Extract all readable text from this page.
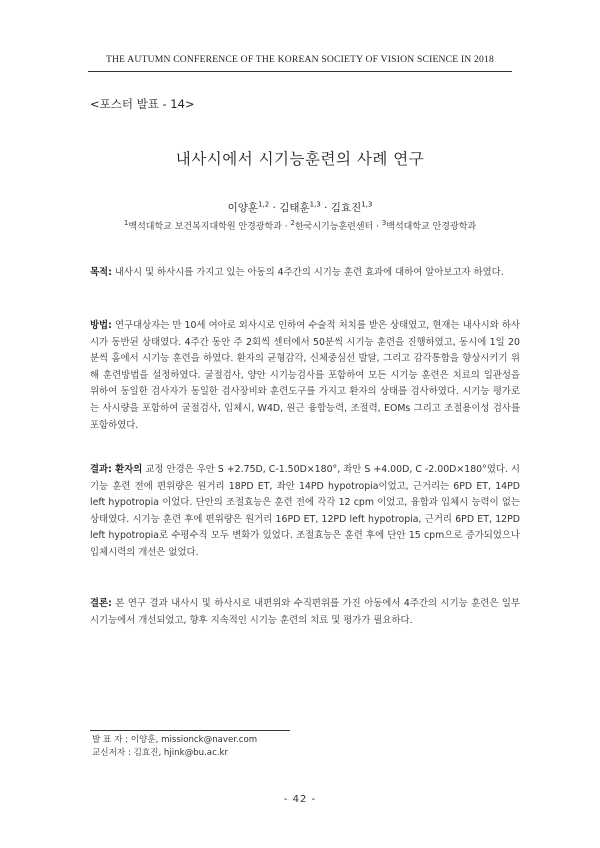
THE AUTUMN CONFERENCE OF THE KOREAN SOCIETY OF VISION SCIENCE IN 2018
<포스터 발표 - 14>
내사시에서 시기능훈련의 사례 연구
이양훈$^{1,2}$ · 김태훈$^{1,3}$ · 김효진$^{1,3}$
$^1$백석대학교 보건복지대학원 안경광학과 · $^2$한국시기능훈련센터 · $^3$백석대학교 안경광학과
목적: 내사시 및 하사시를 가지고 있는 아동의 4주간의 시기능 훈련 효과에 대하여 알아보고자 하였다.
방법: 연구대상자는 만 10세 여아로 외사시로 인하여 수술적 처치를 받은 상태였고, 현재는 내사시와 하사시가 동반된 상태였다. 4주간 동안 주 2회씩 센터에서 50분씩 시기능 훈련을 진행하였고, 동시에 1일 20분씩 홈에서 시기능 훈련을 하였다. 환자의 균형감각, 신체중심선 발달, 그리고 감각통합을 향상시키기 위해 훈련방법을 설정하였다. 굴절검사, 양안 시기능검사를 포함하여 모든 시기능 훈련은 치료의 일관성을 위하여 동일한 검사자가 동일한 검사장비와 훈련도구를 가지고 환자의 상태를 검사하였다. 시기능 평가로는 사시량을 포함하여 굴절검사, 입체시, W4D, 원근 융합능력, 조절력, EOMs 그리고 조절용이성 검사를 포함하였다.
결과: 환자의 교정 안경은 우안 S +2.75D, C-1.50D×180°, 좌안 S +4.00D, C -2.00D×180°였다. 시기능 훈련 전에 편위량은 원거리 18PD ET, 좌안 14PD hypotropia이었고, 근거리는 6PD ET, 14PD left hypotropia 이었다. 단안의 조절효능은 훈련 전에 각각 12 cpm 이었고, 융합과 입체시 능력이 없는 상태였다. 시기능 훈련 후에 편위량은 원거리 16PD ET, 12PD left hypotropia, 근거리 6PD ET, 12PD left hypotropia로 수평수직 모두 변화가 있었다. 조절효능은 훈련 후에 단안 15 cpm으로 증가되었으나 입체시력의 개선은 없었다.
결론: 본 연구 결과 내사시 및 하사시로 내편위와 수직편위를 가진 아동에서 4주간의 시기능 훈련은 일부 시기능에서 개선되었고, 향후 지속적인 시기능 훈련의 치료 및 평가가 필요하다.
발 표 자 : 이양훈, missionck@naver.com
교신저자 : 김효진, hjink@bu.ac.kr
- 42 -
